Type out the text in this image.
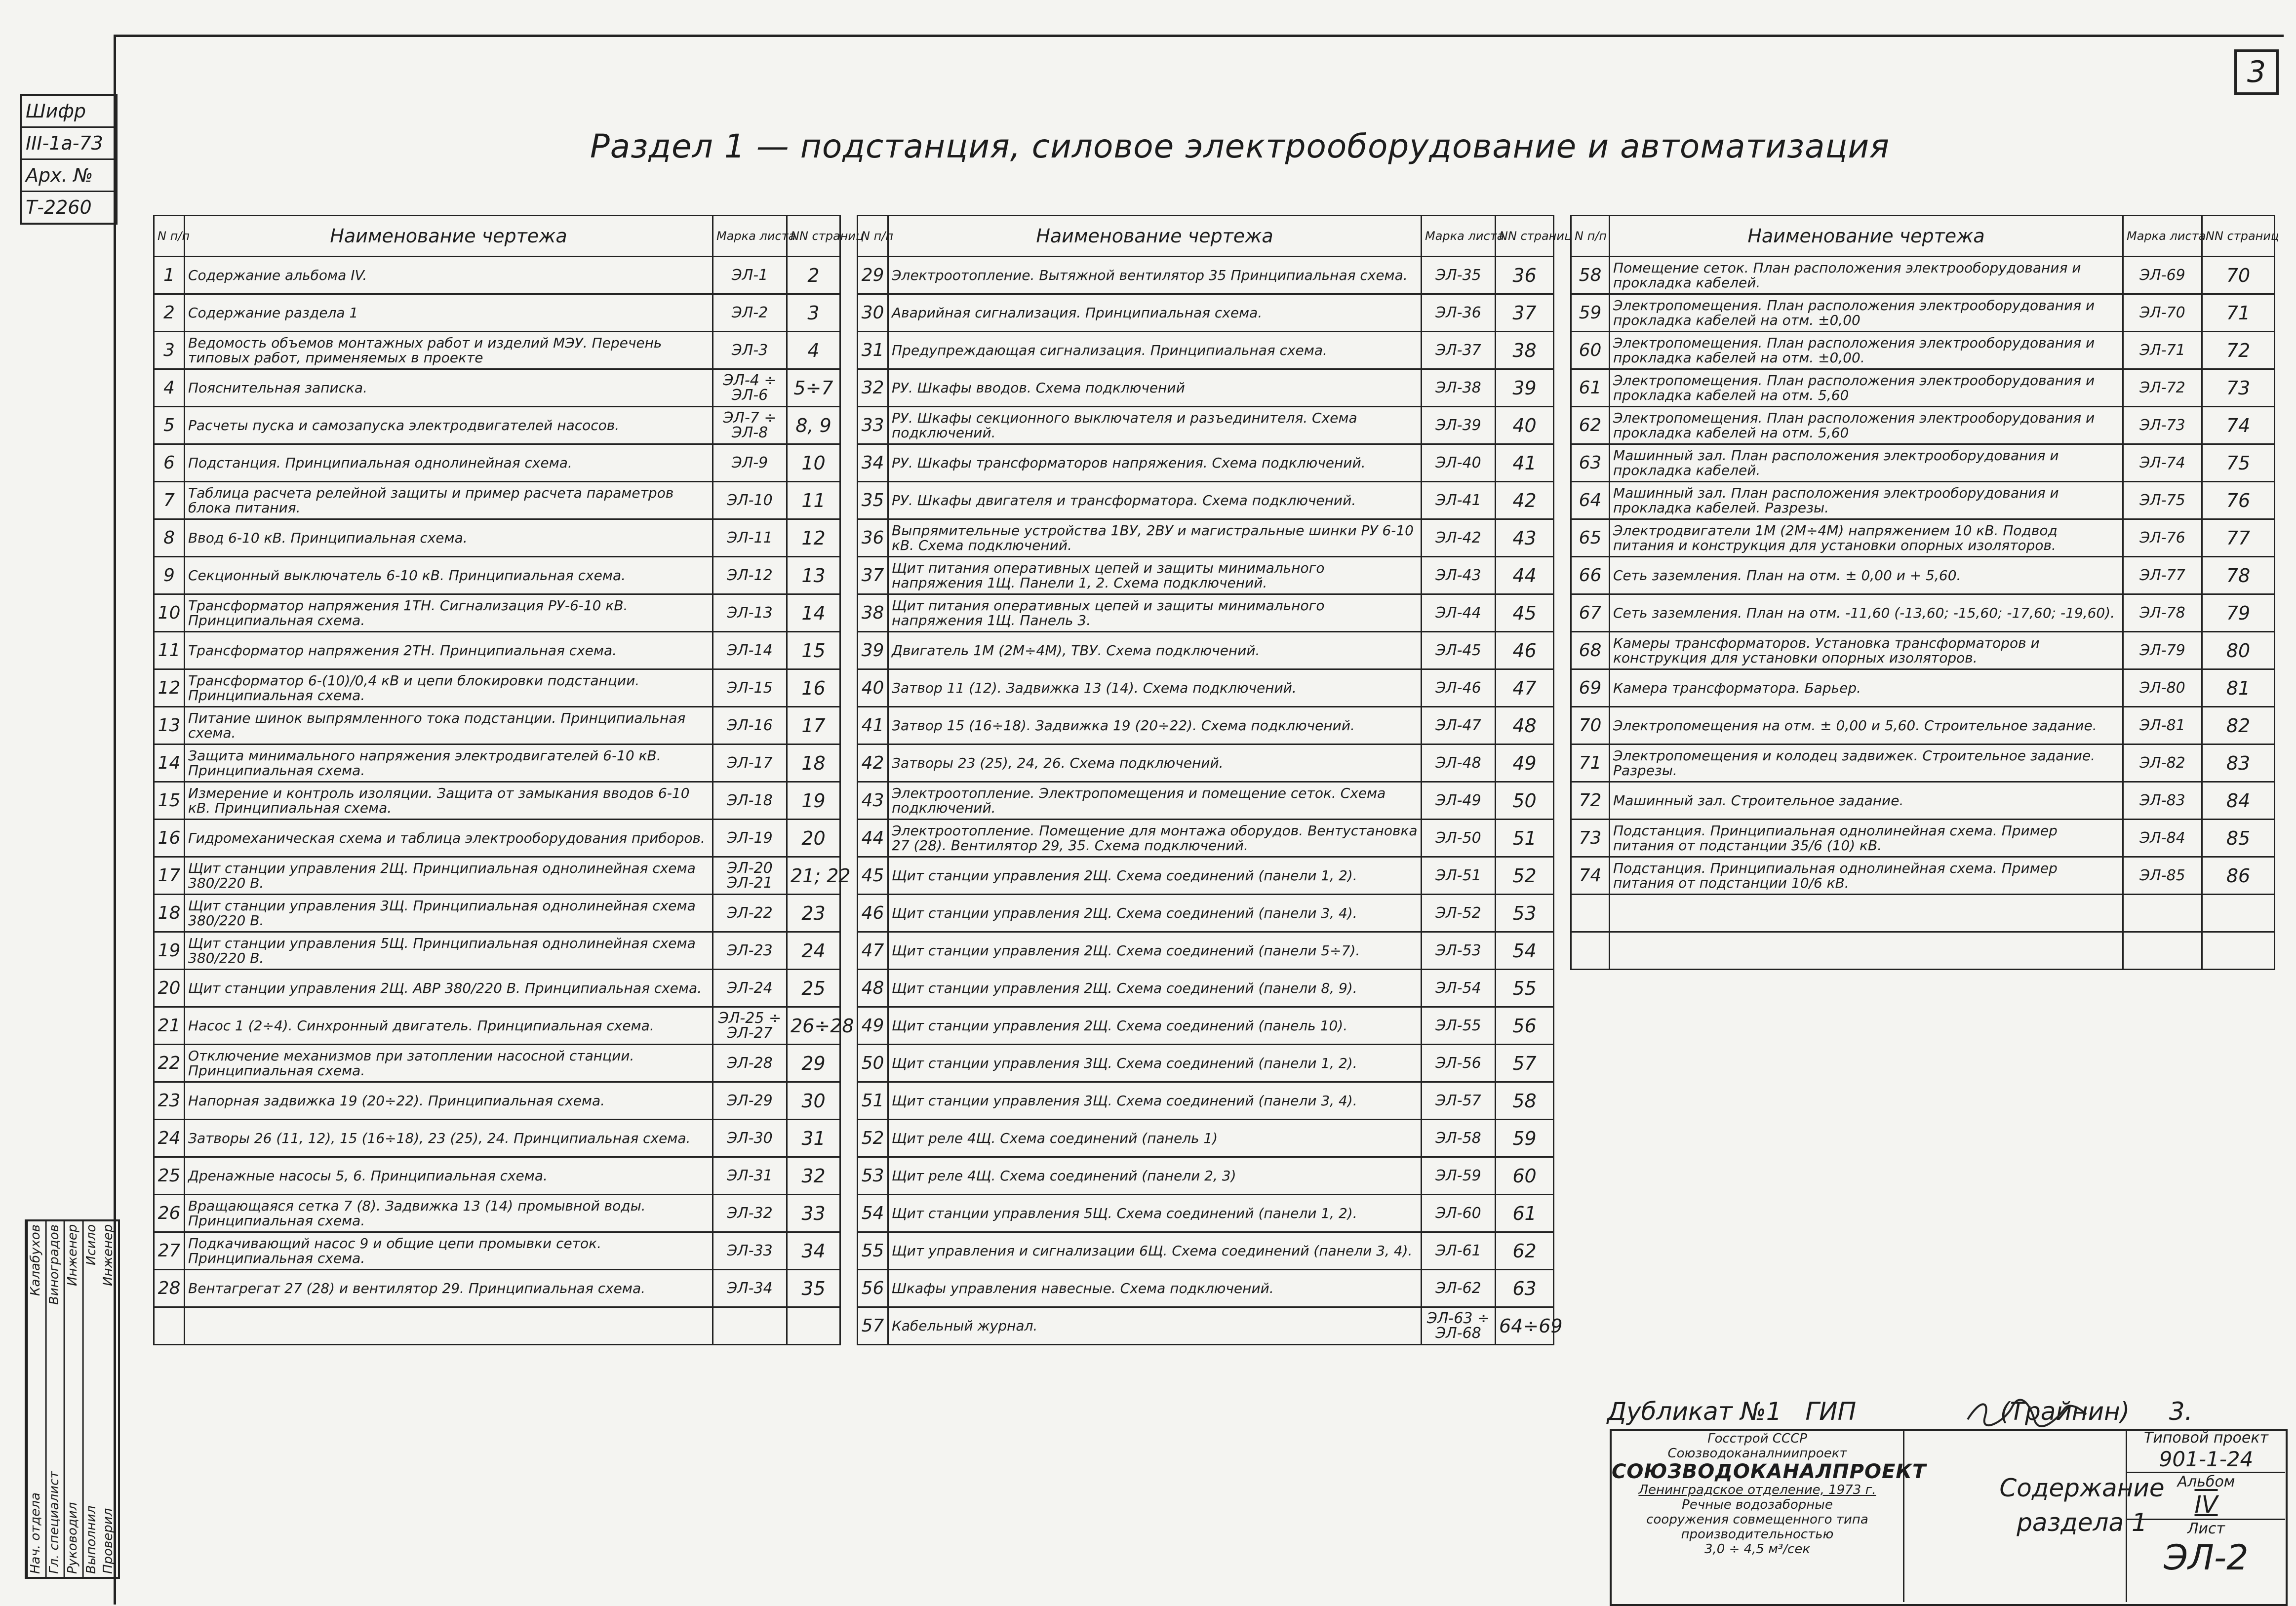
3
Шифр
III-1а-73
Арх. №
Т-2260
Раздел 1 — подстанция, силовое электрооборудование и автоматизация
N п/п	Наименование чертежа	Марка листа	NN страниц
1	Содержание альбома IV.	ЭЛ-1	2
2	Содержание раздела 1	ЭЛ-2	3
3	Ведомость объемов монтажных работ и изделий МЭУ. Перечень типовых работ, применяемых в проекте	ЭЛ-3	4
4	Пояснительная записка.	ЭЛ-4 ÷ ЭЛ-6	5÷7
5	Расчеты пуска и самозапуска электродвигателей насосов.	ЭЛ-7 ÷ ЭЛ-8	8, 9
6	Подстанция. Принципиальная однолинейная схема.	ЭЛ-9	10
7	Таблица расчета релейной защиты и пример расчета параметров блока питания.	ЭЛ-10	11
8	Ввод 6-10 кВ. Принципиальная схема.	ЭЛ-11	12
9	Секционный выключатель 6-10 кВ. Принципиальная схема.	ЭЛ-12	13
10	Трансформатор напряжения 1ТН. Сигнализация РУ-6-10 кВ. Принципиальная схема.	ЭЛ-13	14
11	Трансформатор напряжения 2ТН. Принципиальная схема.	ЭЛ-14	15
12	Трансформатор 6-(10)/0,4 кВ и цепи блокировки подстанции. Принципиальная схема.	ЭЛ-15	16
13	Питание шинок выпрямленного тока подстанции. Принципиальная схема.	ЭЛ-16	17
14	Защита минимального напряжения электродвигателей 6-10 кВ. Принципиальная схема.	ЭЛ-17	18
15	Измерение и контроль изоляции. Защита от замыкания вводов 6-10 кВ. Принципиальная схема.	ЭЛ-18	19
16	Гидромеханическая схема и таблица электрооборудования приборов.	ЭЛ-19	20
17	Щит станции управления 2Щ. Принципиальная однолинейная схема 380/220 В.	ЭЛ-20 ЭЛ-21	21; 22
18	Щит станции управления 3Щ. Принципиальная однолинейная схема 380/220 В.	ЭЛ-22	23
19	Щит станции управления 5Щ. Принципиальная однолинейная схема 380/220 В.	ЭЛ-23	24
20	Щит станции управления 2Щ. АВР 380/220 В. Принципиальная схема.	ЭЛ-24	25
21	Насос 1 (2÷4). Синхронный двигатель. Принципиальная схема.	ЭЛ-25 ÷ ЭЛ-27	26÷28
22	Отключение механизмов при затоплении насосной станции. Принципиальная схема.	ЭЛ-28	29
23	Напорная задвижка 19 (20÷22). Принципиальная схема.	ЭЛ-29	30
24	Затворы 26 (11, 12), 15 (16÷18), 23 (25), 24. Принципиальная схема.	ЭЛ-30	31
25	Дренажные насосы 5, 6. Принципиальная схема.	ЭЛ-31	32
26	Вращающаяся сетка 7 (8). Задвижка 13 (14) промывной воды. Принципиальная схема.	ЭЛ-32	33
27	Подкачивающий насос 9 и общие цепи промывки сеток. Принципиальная схема.	ЭЛ-33	34
28	Вентагрегат 27 (28) и вентилятор 29. Принципиальная схема.	ЭЛ-34	35

N п/п	Наименование чертежа	Марка листа	NN страниц
29	Электроотопление. Вытяжной вентилятор 35 Принципиальная схема.	ЭЛ-35	36
30	Аварийная сигнализация. Принципиальная схема.	ЭЛ-36	37
31	Предупреждающая сигнализация. Принципиальная схема.	ЭЛ-37	38
32	РУ. Шкафы вводов. Схема подключений	ЭЛ-38	39
33	РУ. Шкафы секционного выключателя и разъединителя. Схема подключений.	ЭЛ-39	40
34	РУ. Шкафы трансформаторов напряжения. Схема подключений.	ЭЛ-40	41
35	РУ. Шкафы двигателя и трансформатора. Схема подключений.	ЭЛ-41	42
36	Выпрямительные устройства 1ВУ, 2ВУ и магистральные шинки РУ 6-10 кВ. Схема подключений.	ЭЛ-42	43
37	Щит питания оперативных цепей и защиты минимального напряжения 1Щ. Панели 1, 2. Схема подключений.	ЭЛ-43	44
38	Щит питания оперативных цепей и защиты минимального напряжения 1Щ. Панель 3.	ЭЛ-44	45
39	Двигатель 1М (2М÷4М), ТВУ. Схема подключений.	ЭЛ-45	46
40	Затвор 11 (12). Задвижка 13 (14). Схема подключений.	ЭЛ-46	47
41	Затвор 15 (16÷18). Задвижка 19 (20÷22). Схема подключений.	ЭЛ-47	48
42	Затворы 23 (25), 24, 26. Схема подключений.	ЭЛ-48	49
43	Электроотопление. Электропомещения и помещение сеток. Схема подключений.	ЭЛ-49	50
44	Электроотопление. Помещение для монтажа оборудов. Вентустановка 27 (28). Вентилятор 29, 35. Схема подключений.	ЭЛ-50	51
45	Щит станции управления 2Щ. Схема соединений (панели 1, 2).	ЭЛ-51	52
46	Щит станции управления 2Щ. Схема соединений (панели 3, 4).	ЭЛ-52	53
47	Щит станции управления 2Щ. Схема соединений (панели 5÷7).	ЭЛ-53	54
48	Щит станции управления 2Щ. Схема соединений (панели 8, 9).	ЭЛ-54	55
49	Щит станции управления 2Щ. Схема соединений (панель 10).	ЭЛ-55	56
50	Щит станции управления 3Щ. Схема соединений (панели 1, 2).	ЭЛ-56	57
51	Щит станции управления 3Щ. Схема соединений (панели 3, 4).	ЭЛ-57	58
52	Щит реле 4Щ. Схема соединений (панель 1)	ЭЛ-58	59
53	Щит реле 4Щ. Схема соединений (панели 2, 3)	ЭЛ-59	60
54	Щит станции управления 5Щ. Схема соединений (панели 1, 2).	ЭЛ-60	61
55	Щит управления и сигнализации 6Щ. Схема соединений (панели 3, 4).	ЭЛ-61	62
56	Шкафы управления навесные. Схема подключений.	ЭЛ-62	63
57	Кабельный журнал.	ЭЛ-63 ÷ ЭЛ-68	64÷69
N п/п	Наименование чертежа	Марка листа	NN страниц
58	Помещение сеток. План расположения электрооборудования и прокладка кабелей.	ЭЛ-69	70
59	Электропомещения. План расположения электрооборудования и прокладка кабелей на отм. ±0,00	ЭЛ-70	71
60	Электропомещения. План расположения электрооборудования и прокладка кабелей на отм. ±0,00.	ЭЛ-71	72
61	Электропомещения. План расположения электрооборудования и прокладка кабелей на отм. 5,60	ЭЛ-72	73
62	Электропомещения. План расположения электрооборудования и прокладка кабелей на отм. 5,60	ЭЛ-73	74
63	Машинный зал. План расположения электрооборудования и прокладка кабелей.	ЭЛ-74	75
64	Машинный зал. План расположения электрооборудования и прокладка кабелей. Разрезы.	ЭЛ-75	76
65	Электродвигатели 1М (2М÷4М) напряжением 10 кВ. Подвод питания и конструкция для установки опорных изоляторов.	ЭЛ-76	77
66	Сеть заземления. План на отм. ± 0,00 и + 5,60.	ЭЛ-77	78
67	Сеть заземления. План на отм. -11,60 (-13,60; -15,60; -17,60; -19,60).	ЭЛ-78	79
68	Камеры трансформаторов. Установка трансформаторов и конструкция для установки опорных изоляторов.	ЭЛ-79	80
69	Камера трансформатора. Барьер.	ЭЛ-80	81
70	Электропомещения на отм. ± 0,00 и 5,60. Строительное задание.	ЭЛ-81	82
71	Электропомещения и колодец задвижек. Строительное задание. Разрезы.	ЭЛ-82	83
72	Машинный зал. Строительное задание.	ЭЛ-83	84
73	Подстанция. Принципиальная однолинейная схема. Пример питания от подстанции 35/6 (10) кВ.	ЭЛ-84	85
74	Подстанция. Принципиальная однолинейная схема. Пример питания от подстанции 10/6 кВ.	ЭЛ-85	86

Нач. отдела
Калабухов
Гл. специалист
Виноградов
Руководил
Инженер
Выполнил
Исило
Проверил
Инженер
Дубликат №1 ГИП	(Трайнин) 3.
Госстрой СССР
Союзводоканалниипроект
СОЮЗВОДОКАНАЛПРОЕКТ
Ленинградское отделение, 1973 г.
Речные водозаборные
сооружения совмещенного типа
производительностью
3,0 ÷ 4,5 м³/сек
Содержание
раздела 1
Типовой проект
901-1-24
Альбом
IV
Лист
ЭЛ-2
